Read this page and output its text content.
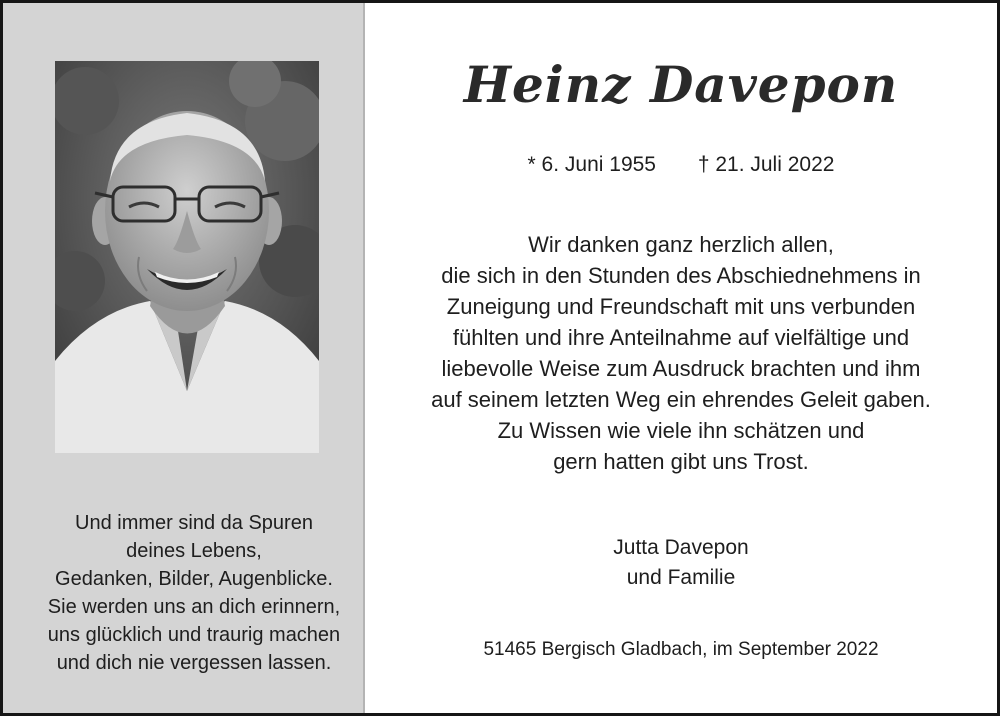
Und immer sind da Spuren
deines Lebens,
Gedanken, Bilder, Augenblicke.
Sie werden uns an dich erinnern,
uns glücklich und traurig machen
und dich nie vergessen lassen.

Heinz Davepon
* 6. Juni 1955 † 21. Juli 2022

Wir danken ganz herzlich allen,
die sich in den Stunden des Abschiednehmens in
Zuneigung und Freundschaft mit uns verbunden
fühlten und ihre Anteilnahme auf vielfältige und
liebevolle Weise zum Ausdruck brachten und ihm
auf seinem letzten Weg ein ehrendes Geleit gaben.
Zu Wissen wie viele ihn schätzen und
gern hatten gibt uns Trost.

Jutta Davepon
und Familie
51465 Bergisch Gladbach, im September 2022
